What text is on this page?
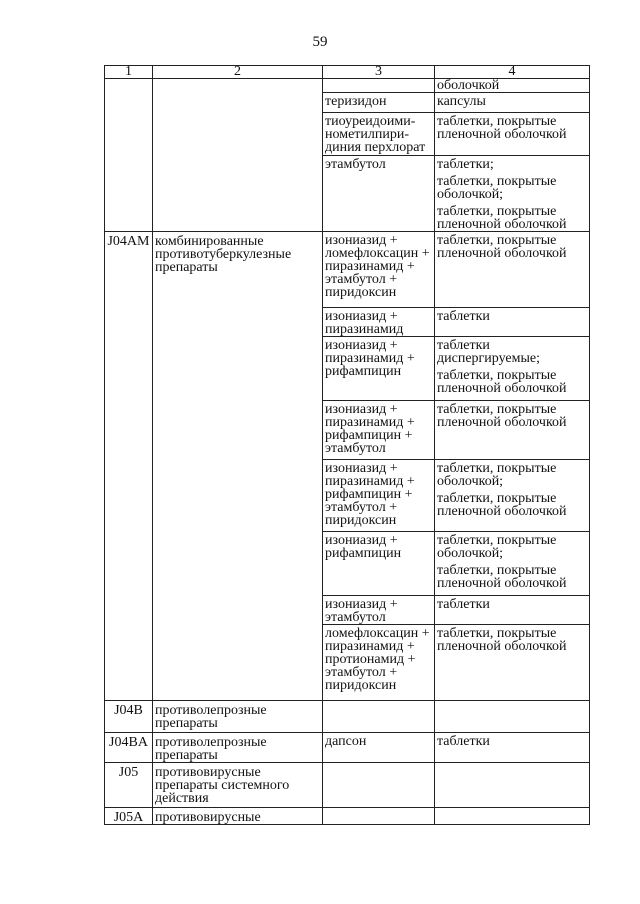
59
1	2	3	4
			оболочкой
		теризидон	капсулы

		тиоуреидоими-нометилпири-диния перхлорат	таблетки, покрытые пленочной оболочкой

		этамбутол	таблетки;
таблетки, покрытые оболочкой;
таблетки, покрытые пленочной оболочкой

J04AM	комбинированные противотуберкулезные препараты	изониазид + ломефлоксацин + пиразинамид + этамбутол + пиридоксин	таблетки, покрытые пленочной оболочкой

		изониазид + пиразинамид	таблетки

		изониазид + пиразинамид + рифампицин	таблетки диспергируемые;
таблетки, покрытые пленочной оболочкой

		изониазид + пиразинамид + рифампицин + этамбутол	таблетки, покрытые пленочной оболочкой

		изониазид + пиразинамид + рифампицин + этамбутол + пиридоксин	таблетки, покрытые оболочкой;
таблетки, покрытые пленочной оболочкой

		изониазид + рифампицин	таблетки, покрытые оболочкой;
таблетки, покрытые пленочной оболочкой

		изониазид + этамбутол	таблетки

		ломефлоксацин + пиразинамид + протионамид + этамбутол + пиридоксин	таблетки, покрытые пленочной оболочкой

J04B	противолепрозные препараты		
J04BA	противолепрозные препараты	дапсон	таблетки

J05	противовирусные препараты системного действия		
J05A	противовирусные		
